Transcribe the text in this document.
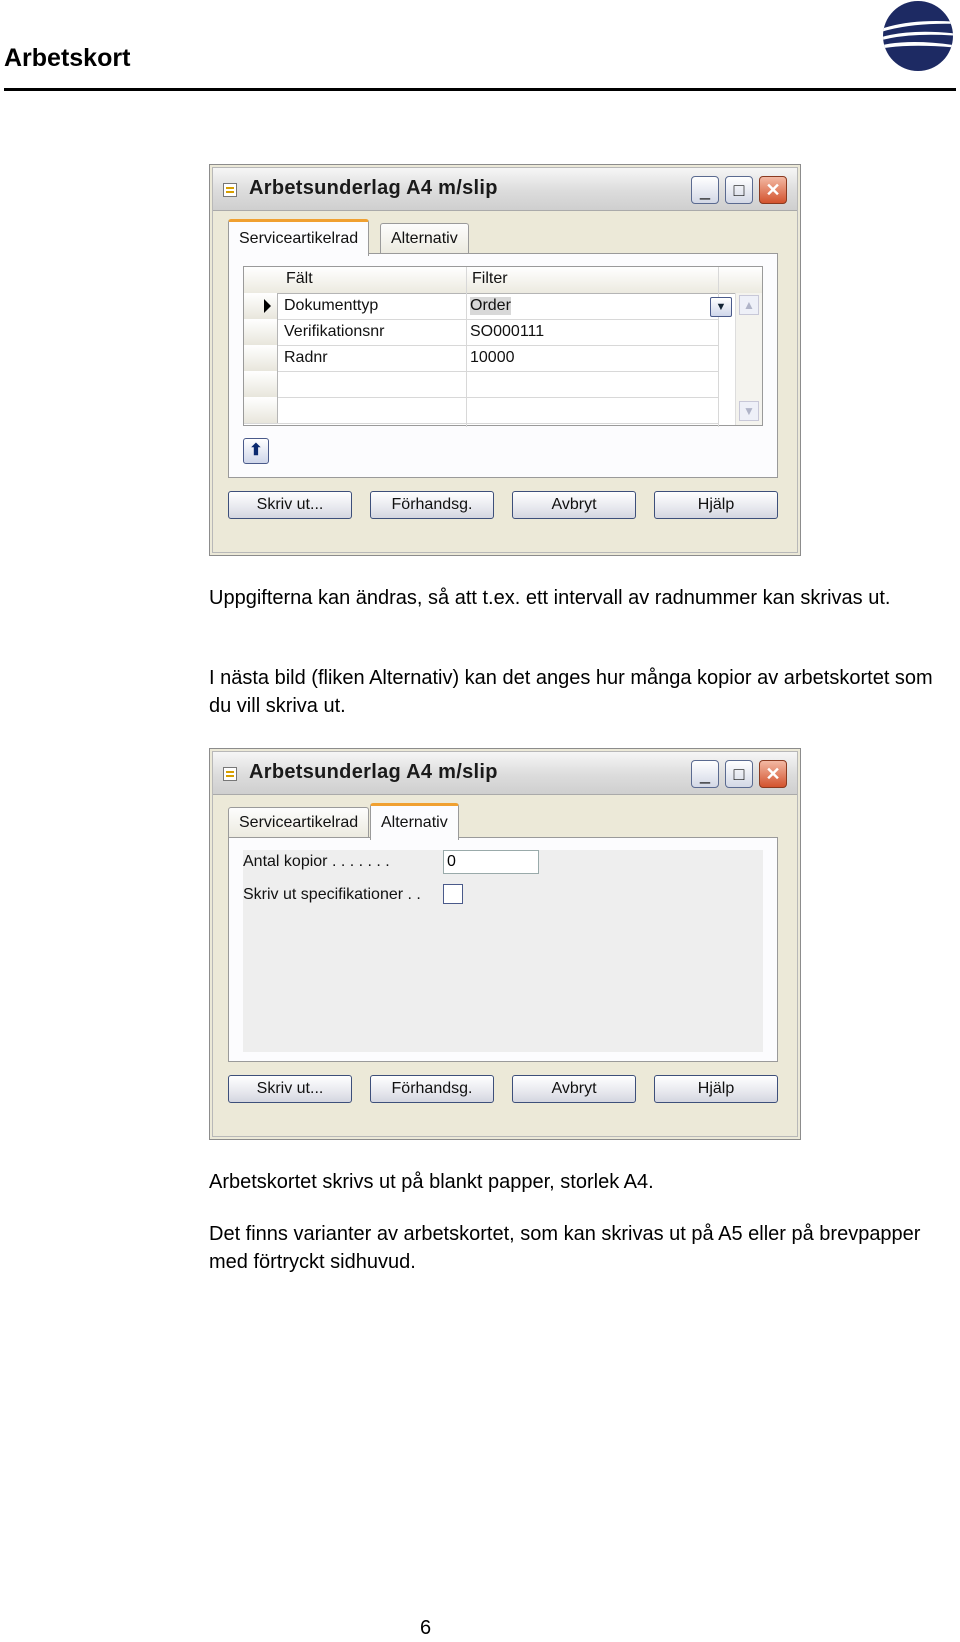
Arbetskort
Arbetsunderlag A4 m/slip	_	□	✕
Serviceartikelrad	Alternativ
Fält	Filter
Dokumenttyp	Order
Verifikationsnr	SO000111
Radnr	10000
▼	▲
▼
⬆
Skriv ut...	Förhandsg.	Avbryt	Hjälp
Uppgifterna kan ändras, så att t.ex. ett intervall av radnummer kan skrivas ut.
I nästa bild (fliken Alternativ) kan det anges hur många kopior av arbetskortet som du vill skriva ut.
Arbetsunderlag A4 m/slip	_	□	✕
Serviceartikelrad	Alternativ
Antal kopior . . . . . . .	0
Skriv ut specifikationer . .
Skriv ut...	Förhandsg.	Avbryt	Hjälp
Arbetskortet skrivs ut på blankt papper, storlek A4.
Det finns varianter av arbetskortet, som kan skrivas ut på A5 eller på brevpapper med förtryckt sidhuvud.
6
